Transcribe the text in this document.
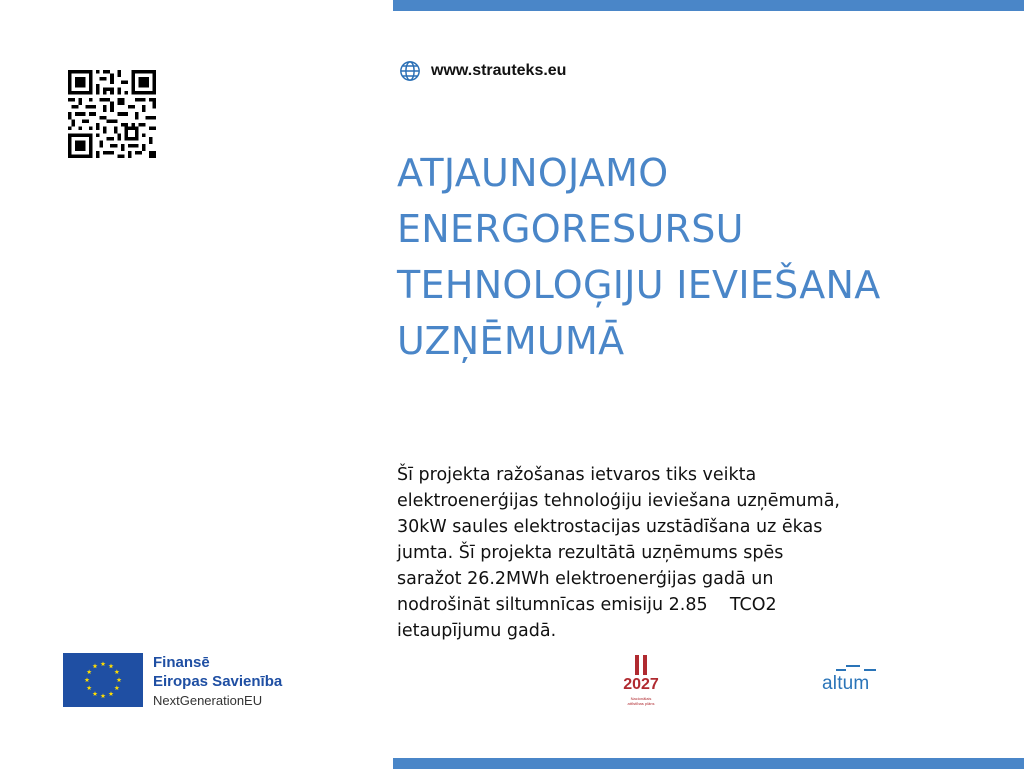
www.strauteks.eu
ATJAUNOJAMO
ENERGORESURSU
TEHNOLOĢIJU IEVIEŠANA
UZŅĒMUMĀ
Šī projekta ražošanas ietvaros tiks veikta
elektroenerģijas tehnoloģiju ieviešana uzņēmumā,
30kW saules elektrostacijas uzstādīšana uz ēkas
jumta. Šī projekta rezultātā uzņēmums spēs
saražot 26.2MWh elektroenerģijas gadā un
nodrošināt siltumnīcas emisiju 2.85    TCO2
ietaupījumu gadā.
Finansē
Eiropas Savienība
NextGenerationEU
2027
Nacionālais
attīstības plāns
altum
